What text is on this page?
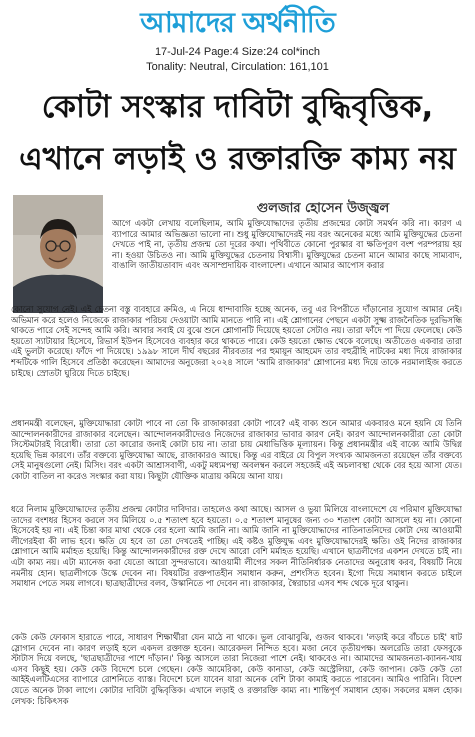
আমাদের অর্থনীতি
17-Jul-24 Page:4 Size:24 col*inch
Tonality: Neutral, Circulation: 161,101
কোটা সংস্কার দাবিটা বুদ্ধিবৃত্তিক,
এখানে লড়াই ও রক্তারক্তি কাম্য নয়
গুলজার হোসেন উজ্জ্বল
আগে একটা লেখায় বলেছিলাম, আমি মুক্তিযোদ্ধাদের তৃতীয় প্রজন্মের কোটা সমর্থন করি না। কারণ এ ব্যাপারে আমার অভিজ্ঞতা ভালো না। শুধু মুক্তিযোদ্ধাদেরই নয় বরং অনেকের মধ্যে আমি মুক্তিযুদ্ধের চেতনা দেখতে পাই না, তৃতীয় প্রজন্ম তো দূরের কথা। পৃথিবীতে কোনো পুরস্কার বা ক্ষতিপূরণ বংশ পরম্পরায় হয় না। হওয়া উচিতও না। আমি মুক্তিযুদ্ধের চেতনায় বিশ্বাসী। মুক্তিযুদ্ধের চেতনা মানে আমার কাছে সাম্যবাদ, বাঙালি জাতীয়তাবাদ এবং অসাম্প্রদায়িক বাংলাদেশ। এখানে আমার আপোস করার
কোনো সুযোগ নেই। এই চেতনা বস্তু ব্যবহারে ক্রমিও, এ নিয়ে ধান্দাবাজি হচ্ছে অনেক, তবু এর বিপরীতে দাঁড়ানোর সুযোগ আমার নেই। অভিমান করে হলেও নিজেকে রাজাকার পরিচয় দেওয়াটা আমি মানতে পারি না। এই শ্লোগানের পেছনে একটা সুক্ষ্ম রাজনৈতিক দুরভিসন্ধি থাকতে পারে সেই সন্দেহ আমি করি। আবার সবাই যে বুঝে শুনে শ্লোগানটি দিয়েছে হয়তো সেটাও নয়। তারা ফাঁদে পা দিয়ে ফেলেছে। কেউ হয়তো স্যাটায়ার হিসেবে, রিভার্স ইউপন হিসেবেও ব্যবহার করে থাকতে পারে। কেউ হয়তো ক্ষোভ থেকে বলেছে। অতীতেও একবার তারা এই ভুলটা করেছে। ফাঁদে পা দিয়েছে। ১৯৯৮ সালে দীর্ঘ বছরের নীরবতার পর হুমায়ূন আহমেদ তার বহুব্রীহি নাটকের মধ্য দিয়ে রাজাকার শব্দটিকে গালি হিসেবে প্রতিষ্ঠা করেছেন। আমাদের অনুজেরা ২০২৪ সালে 'আমি রাজাকার' শ্লোগানের মধ্য দিয়ে তাকে নরমালাইজ করতে চাইছে। স্রোতটা ঘুরিয়ে দিতে চাইছে।
প্রধানমন্ত্রী বলেছেন, মুক্তিযোদ্ধারা কোটা পাবে না তো কি রাজাকাররা কোটা পাবে? এই বাক্য শুনে আমার একবারও মনে হয়নি যে তিনি আন্দোলনকারীদের রাজাকার বলেছেন। আন্দোলনকারীদেরও নিজেদের রাজাকার ভাবার কারণ নেই। কারণ আন্দোলনকারীরা তো কোটা সিস্টেমটারই বিরোধী। তারা তো কারোর জন্যই কোটা চায় না। তারা চায় মেধাভিত্তিক মূল্যায়ন। কিন্তু প্রধানমন্ত্রীর এই বাক্যে আমি উদ্বিগ্ন হয়েছি ভিন্ন কারণে। তাঁর বক্তব্যে মুক্তিযোদ্ধা আছে, রাজাকারও আছে। কিন্তু এর বাইরে যে বিপুল সংখ্যক আমজনতা রয়েছেন তাঁর বক্তব্যে সেই মানুষগুলো নেই। মিসিং। বরং একটা আশ্রাসবাণী, একটু মধ্যমপন্থা অবলম্বন করলে সহজেই এই অচলাবস্থা থেকে বের হয়ে আসা যেত। কোটা বাতিল না করেও সংস্কার করা যায়। কিছুটা যৌক্তিক মাত্রায় কমিয়ে আনা যায়।
ধরে নিলাম মুক্তিযোদ্ধাদের তৃতীয় প্রজন্ম কোটার দাবিদার। তাহলেও কথা আছে। আসল ও ভুয়া মিলিয়ে বাংলাদেশে যে পরিমাণ মুক্তিযোদ্ধা তাদের বংশধর হিসেব করলে সব মিলিয়ে ০.৫ শতাংশ হবে হয়তো। ০.৫ শতাংশ মানুষের জন্য ৩০ শতাংশ কোটা আসলে হয় না। কোনো হিসেবেই হয় না। এই চিন্তা কার মাথা থেকে বের হলো আমি জানি না। আমি জানি না মুক্তিযোদ্ধাদের নাতিনাতনিদের কোটা দেয় আওয়ামী লীগেরইবা কী লাভ হবে। ক্ষতি যে হবে তা তো দেখতেই পাচ্ছি। এই কষ্টও মুক্তিযুদ্ধ এবং মুক্তিযোদ্ধাদেরই ক্ষতি। ওই নিদের রাজাকার শ্লোগানে আমি মর্মাহত হয়েছি। কিন্তু আন্দোলনকারীদের রক্ত দেখে আরো বেশি মর্মাহত হয়েছি। এখানে ছাত্রলীগের একশন দেখতে চাই না। এটা কাম্য নয়। এটা ম্যানেজ করা যেতো আরো সুন্দরভাবে। আওয়ামী লীগের সকল নীতিনির্ধারক নেতাদের অনুরোধ করব, বিষয়টি নিয়ে নমনীয় হোন। ছাত্রলীগকে উস্কে দেবেন না। বিষয়টির রক্তপাতহীন সমাধান করুন, প্রশংসিত হবেন। ইগো দিয়ে সমাধান করতে চাইলে সমাধান পেতে সময় লাগবে। ছাত্রছাত্রীদের বলব, উস্কানিতে পা দেবেন না। রাজাকার, স্বৈরাচার এসব শব্দ থেকে দূরে থাকুন।
কেউ কেউ ফোকাস হারাতে পারে, সাধারণ শিক্ষার্থীরা যেন মাঠে না থাকে। ভুল বোঝাবুঝি, গুজব থাকবে। 'লড়াই করে বাঁচতে চাই' ষাট স্লোগান দেবেন না। কারণ লড়াই হলে একদল রক্তাক্ত হবেন। আরেকদল নিন্দিত হবে। মজা নেবে তৃতীয়পক্ষ। অলরেডি তারা ফেসবুকে স্টাটাস দিয়ে বলছে, 'ছাত্রছাত্রীদের পাশে দাঁড়ান।' কিন্তু আসলে তারা নিজেরা পাশে নেই। থাকবেও না। আমাদের আমজনতা-ক্যানন-খায় এসব কিছুই হয়। কেউ কেউ বিদেশে চলে গেছেন। কেউ আমেরিকা, কেউ কানাডা, কেউ অস্ট্রেলিয়া, কেউ জাপান। কেউ কেউ তো আইইএলটিএসের ব্যাপারে রোশনিতে ব্যাস্ত। বিদেশে চলে যাবেন যারা অনেক বেশি টাকা কামাই করতে পারবেন। আমিও পারিনি। বিদেশ যেতে অনেক টাকা লাগে। কোটার দাবিটা বুদ্ধিবৃত্তিক। এখানে লড়াই ও রক্তারক্তি কাম্য না। শান্তিপূর্ণ সমাধান হোক। সকলের মঙ্গল হোক। লেখক: চিকিৎসক
